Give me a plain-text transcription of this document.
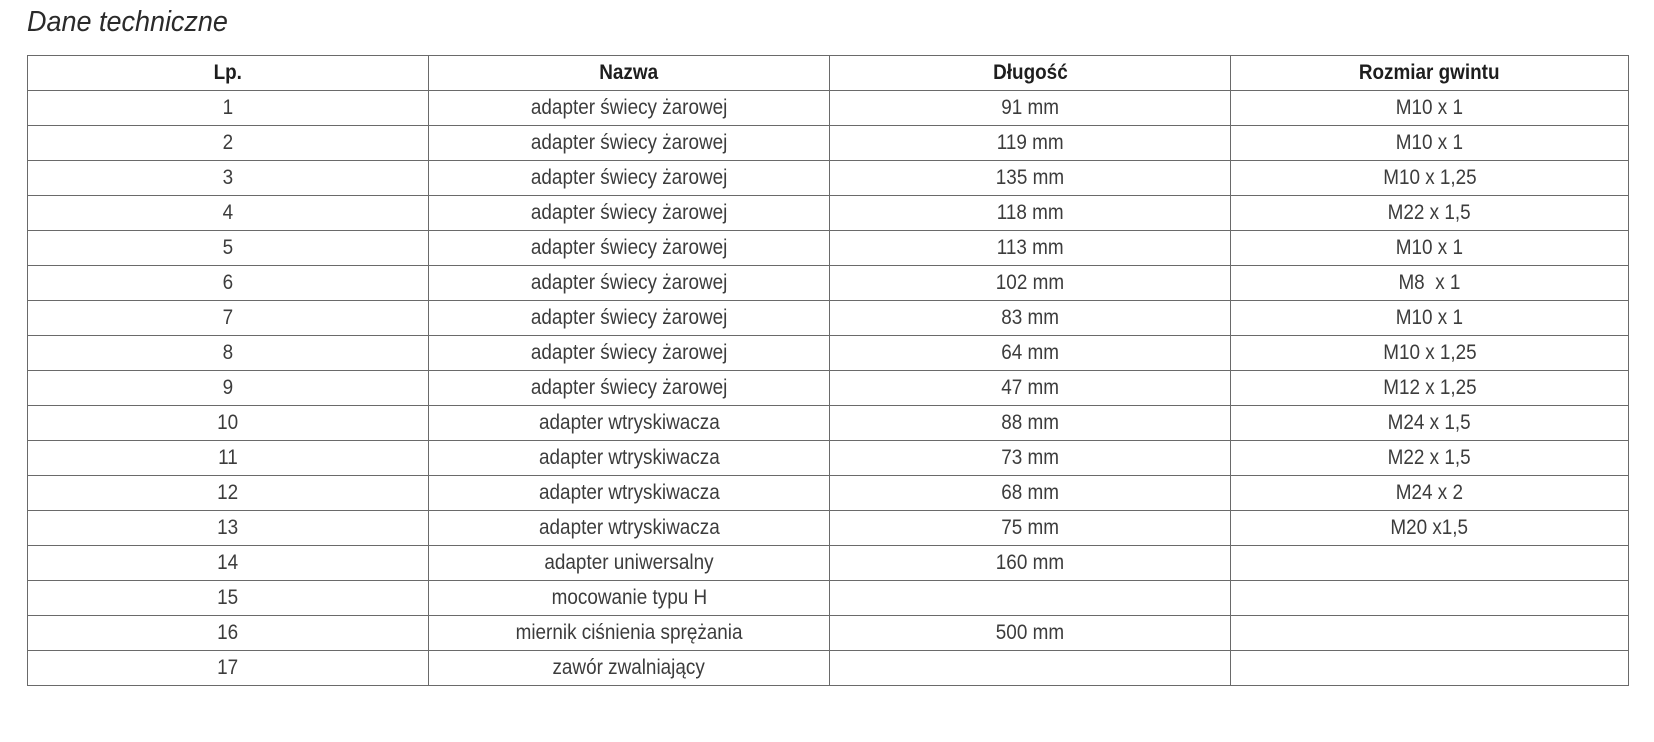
Dane techniczne
Lp.	Nazwa	Długość	Rozmiar gwintu
1	adapter świecy żarowej	91 mm	M10 x 1
2	adapter świecy żarowej	119 mm	M10 x 1
3	adapter świecy żarowej	135 mm	M10 x 1,25
4	adapter świecy żarowej	118 mm	M22 x 1,5
5	adapter świecy żarowej	113 mm	M10 x 1
6	adapter świecy żarowej	102 mm	M8  x 1
7	adapter świecy żarowej	83 mm	M10 x 1
8	adapter świecy żarowej	64 mm	M10 x 1,25
9	adapter świecy żarowej	47 mm	M12 x 1,25
10	adapter wtryskiwacza	88 mm	M24 x 1,5
11	adapter wtryskiwacza	73 mm	M22 x 1,5
12	adapter wtryskiwacza	68 mm	M24 x 2
13	adapter wtryskiwacza	75 mm	M20 x1,5
14	adapter uniwersalny	160 mm	
15	mocowanie typu H		
16	miernik ciśnienia sprężania	500 mm	
17	zawór zwalniający		
